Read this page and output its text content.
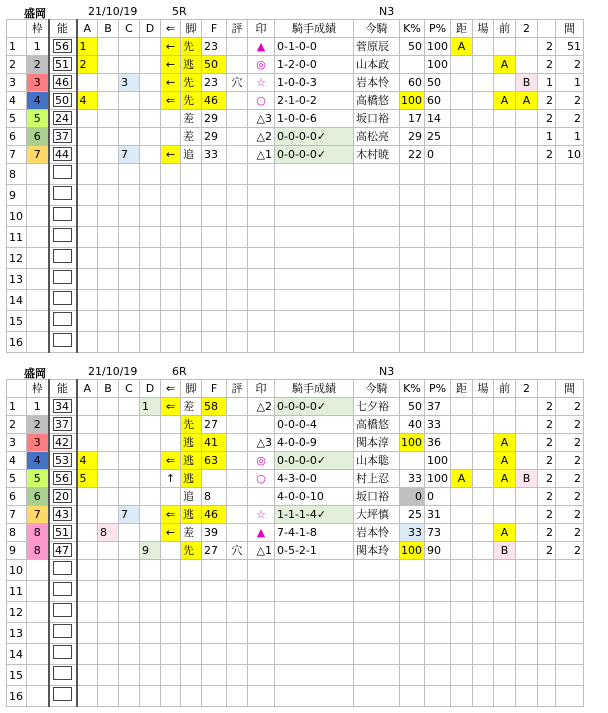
盛岡	21/10/19	5R	N3
	枠	能	A	B	C	D	⇐	脚	F	評	印	騎手成績	今騎	K%	P%	距	場	前	2		間
1	1	56	1				←	先	23		▲	0-1-0-0	菅原辰	50	100	A				2	51
2	2	51	2				←	逃	50		◎	1-2-0-0	山本政		100			A		2	2
3	3	46			3		←	先	23	穴	☆	1-0-0-3	岩本怜	60	50				B	1	1
4	4	50	4				⇐	先	46		○	2-1-0-2	高橋悠	100	60			A	A	2	2
5	5	24						差	29		△3	1-0-0-6	坂口裕	17	14					2	2
6	6	37						差	29		△2	0-0-0-0✓	高松亮	29	25					1	1
7	7	44			7		←	追	33		△1	0-0-0-0✓	木村暁	22	0					2	10
8																					
9																					
10																					
11																					
12																					
13																					
14																					
15																					
16																					
盛岡	21/10/19	6R	N3
	枠	能	A	B	C	D	⇐	脚	F	評	印	騎手成績	今騎	K%	P%	距	場	前	2		間
1	1	34				1	⇐	差	58		△2	0-0-0-0✓	七夕裕	50	37					2	2
2	2	37						先	27			0-0-0-4	高橋悠	40	33					2	2
3	3	42						逃	41		△3	4-0-0-9	関本淳	100	36			A		2	2
4	4	53	4				⇐	逃	63		◎	0-0-0-0✓	山本聡		100			A		2	2
5	5	56	5				↑	逃			○	4-3-0-0	村上忍	33	100	A		A	B	2	2
6	6	20						追	8			4-0-0-10	坂口裕	0	0					2	2
7	7	43			7		⇐	逃	46		☆	1-1-1-4✓	大坪慎	25	31					2	2
8	8	51		8			←	差	39		▲	7-4-1-8	岩本怜	33	73			A		2	2
9	8	47				9		先	27	穴	△1	0-5-2-1	関本玲	100	90			B		2	2
10																					
11																					
12																					
13																					
14																					
15																					
16																					
